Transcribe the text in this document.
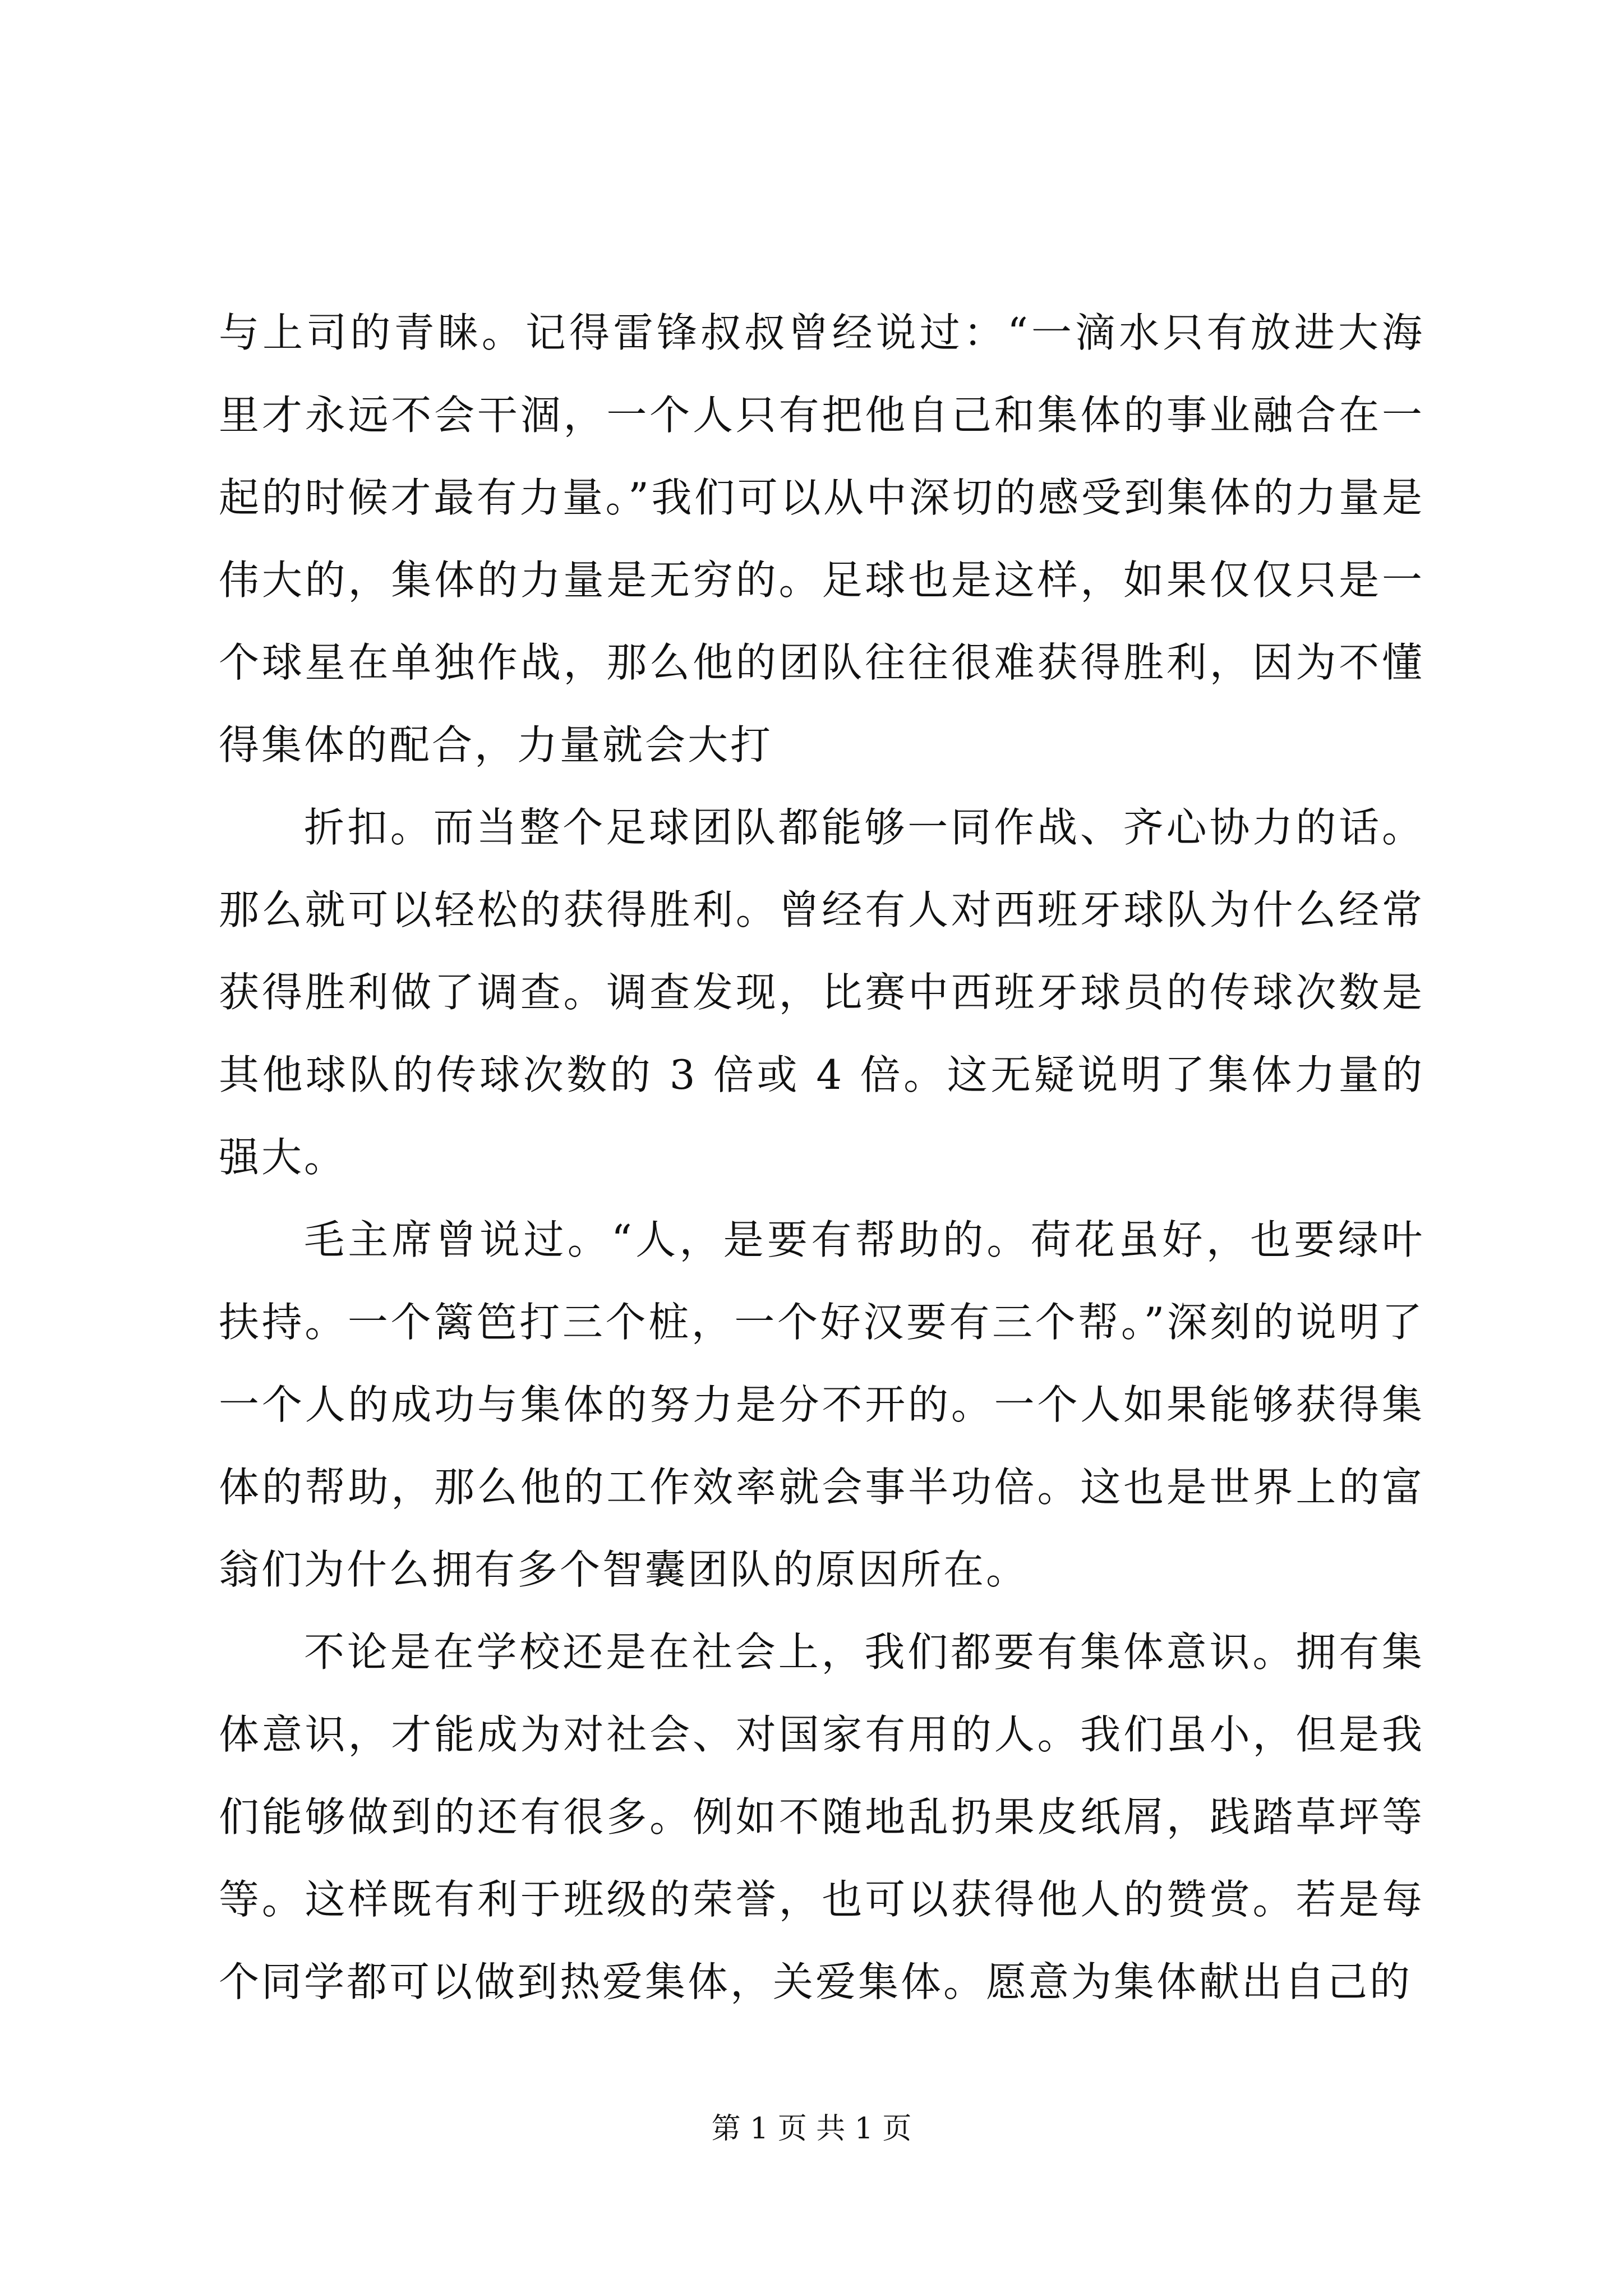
与上司的青睐。记得雷锋叔叔曾经说过：“一滴水只有放进大海里才永远不会干涸，一个人只有把他自己和集体的事业融合在一起的时候才最有力量。”我们可以从中深切的感受到集体的力量是伟大的，集体的力量是无穷的。足球也是这样，如果仅仅只是一个球星在单独作战，那么他的团队往往很难获得胜利，因为不懂得集体的配合，力量就会大打

折扣。而当整个足球团队都能够一同作战、齐心协力的话。那么就可以轻松的获得胜利。曾经有人对西班牙球队为什么经常获得胜利做了调查。调查发现，比赛中西班牙球员的传球次数是其他球队的传球次数的 3 倍或 4 倍。这无疑说明了集体力量的强大。

毛主席曾说过。“人，是要有帮助的。荷花虽好，也要绿叶扶持。一个篱笆打三个桩，一个好汉要有三个帮。”深刻的说明了一个人的成功与集体的努力是分不开的。一个人如果能够获得集体的帮助，那么他的工作效率就会事半功倍。这也是世界上的富翁们为什么拥有多个智囊团队的原因所在。

不论是在学校还是在社会上，我们都要有集体意识。拥有集体意识，才能成为对社会、对国家有用的人。我们虽小，但是我们能够做到的还有很多。例如不随地乱扔果皮纸屑，践踏草坪等等。这样既有利于班级的荣誉，也可以获得他人的赞赏。若是每个同学都可以做到热爱集体，关爱集体。愿意为集体献出自己的

第 1 页 共 1 页
